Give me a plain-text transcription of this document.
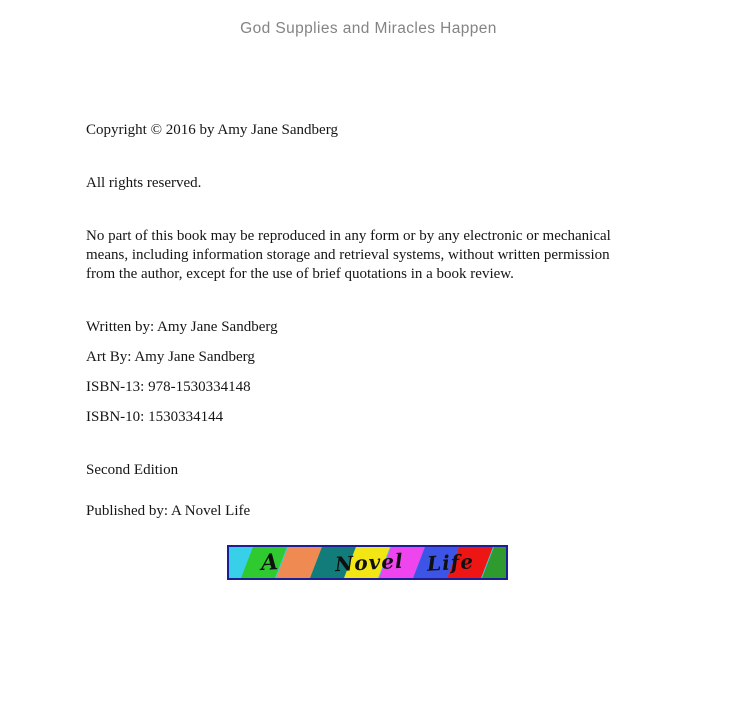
God Supplies and Miracles Happen
Copyright © 2016 by Amy Jane Sandberg
All rights reserved.
No part of this book may be reproduced in any form or by any electronic or mechanical
means, including information storage and retrieval systems, without written permission
from the author, except for the use of brief quotations in a book review.
Written by: Amy Jane Sandberg
Art By: Amy Jane Sandberg
ISBN-13: 978-1530334148
ISBN-10: 1530334144
Second Edition
Published by: A Novel Life
A	Novel Life
